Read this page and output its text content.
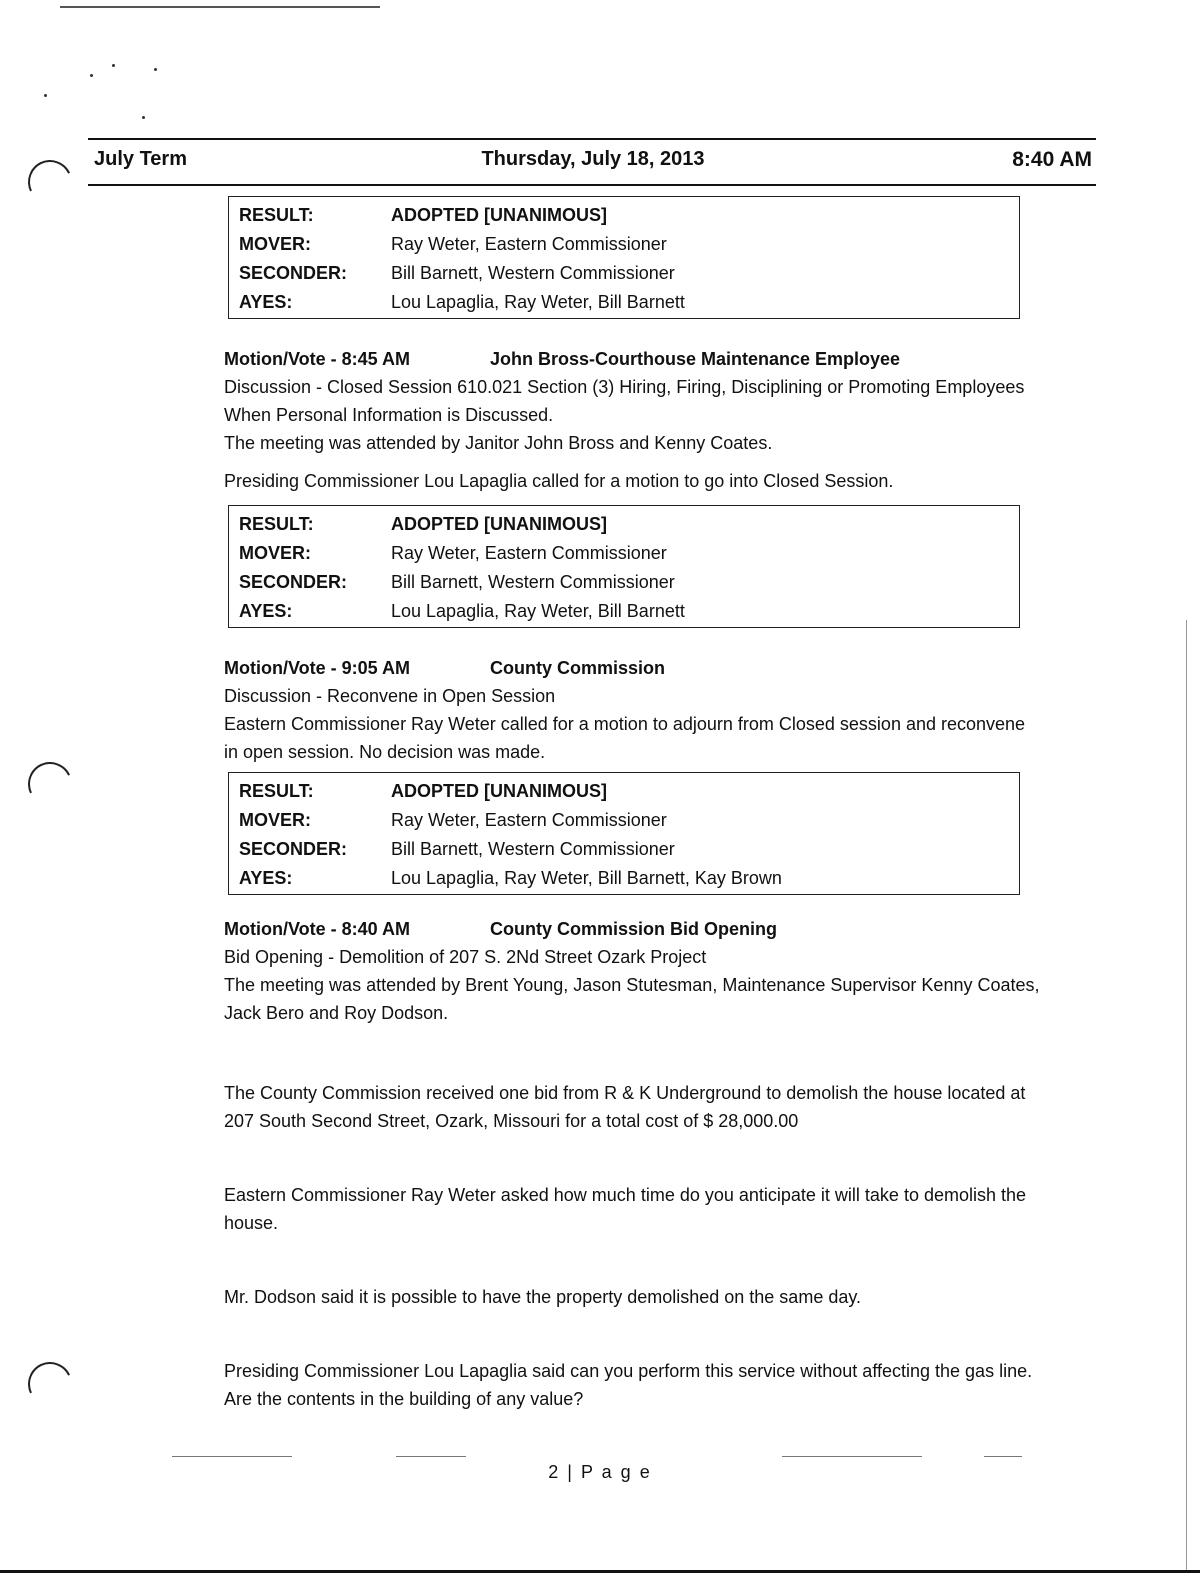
July Term	Thursday, July 18, 2013	8:40 AM
RESULT:	ADOPTED [UNANIMOUS]
MOVER:	Ray Weter, Eastern Commissioner
SECONDER:	Bill Barnett, Western Commissioner
AYES:	Lou Lapaglia, Ray Weter, Bill Barnett
Motion/Vote - 8:45 AM	John Bross-Courthouse Maintenance Employee

Discussion - Closed Session 610.021 Section (3) Hiring, Firing, Disciplining or Promoting Employees When Personal Information is Discussed.

The meeting was attended by Janitor John Bross and Kenny Coates.

Presiding Commissioner Lou Lapaglia called for a motion to go into Closed Session.

RESULT:	ADOPTED [UNANIMOUS]
MOVER:	Ray Weter, Eastern Commissioner
SECONDER:	Bill Barnett, Western Commissioner
AYES:	Lou Lapaglia, Ray Weter, Bill Barnett
Motion/Vote - 9:05 AM	County Commission

Discussion - Reconvene in Open Session

Eastern Commissioner Ray Weter called for a motion to adjourn from Closed session and reconvene in open session. No decision was made.

RESULT:	ADOPTED [UNANIMOUS]
MOVER:	Ray Weter, Eastern Commissioner
SECONDER:	Bill Barnett, Western Commissioner
AYES:	Lou Lapaglia, Ray Weter, Bill Barnett, Kay Brown
Motion/Vote - 8:40 AM	County Commission Bid Opening

Bid Opening - Demolition of 207 S. 2Nd Street Ozark Project

The meeting was attended by Brent Young, Jason Stutesman, Maintenance Supervisor Kenny Coates, Jack Bero and Roy Dodson.

The County Commission received one bid from R & K Underground to demolish the house located at 207 South Second Street, Ozark, Missouri for a total cost of $ 28,000.00

Eastern Commissioner Ray Weter asked how much time do you anticipate it will take to demolish the house.

Mr. Dodson said it is possible to have the property demolished on the same day.

Presiding Commissioner Lou Lapaglia said can you perform this service without affecting the gas line. Are the contents in the building of any value?

2 | P a g e
